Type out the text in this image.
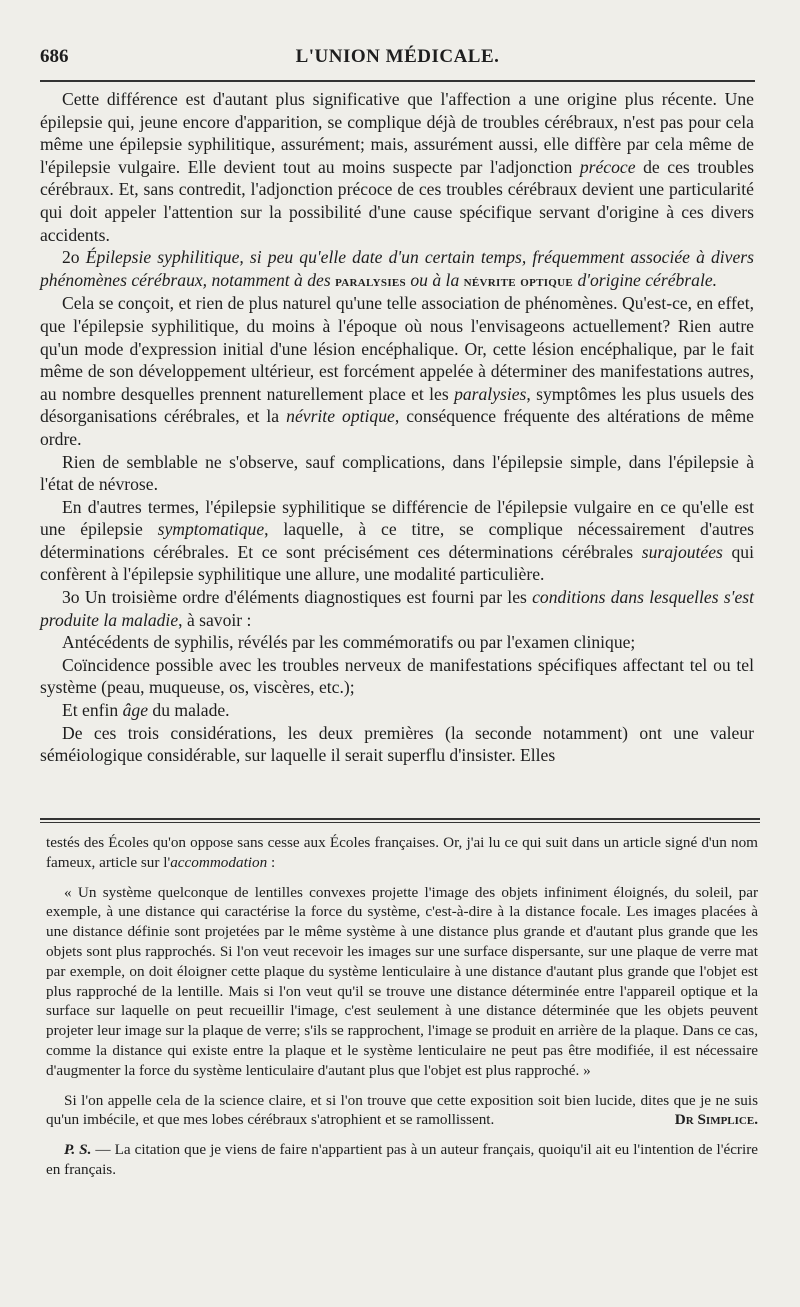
686	L'UNION MÉDICALE.

Cette différence est d'autant plus significative que l'affection a une origine plus récente. Une épilepsie qui, jeune encore d'apparition, se complique déjà de troubles cérébraux, n'est pas pour cela même une épilepsie syphilitique, assurément; mais, assurément aussi, elle diffère par cela même de l'épilepsie vulgaire. Elle devient tout au moins suspecte par l'adjonction précoce de ces troubles cérébraux. Et, sans contredit, l'adjonction précoce de ces troubles cérébraux devient une particularité qui doit appeler l'attention sur la possibilité d'une cause spécifique servant d'origine à ces divers accidents.

2o Épilepsie syphilitique, si peu qu'elle date d'un certain temps, fréquemment associée à divers phénomènes cérébraux, notamment à des paralysies ou à la névrite optique d'origine cérébrale.

Cela se conçoit, et rien de plus naturel qu'une telle association de phénomènes. Qu'est-ce, en effet, que l'épilepsie syphilitique, du moins à l'époque où nous l'envisageons actuellement? Rien autre qu'un mode d'expression initial d'une lésion encéphalique. Or, cette lésion encéphalique, par le fait même de son développement ultérieur, est forcément appelée à déterminer des manifestations autres, au nombre desquelles prennent naturellement place et les paralysies, symptômes les plus usuels des désorganisations cérébrales, et la névrite optique, conséquence fréquente des altérations de même ordre.

Rien de semblable ne s'observe, sauf complications, dans l'épilepsie simple, dans l'épilepsie à l'état de névrose.

En d'autres termes, l'épilepsie syphilitique se différencie de l'épilepsie vulgaire en ce qu'elle est une épilepsie symptomatique, laquelle, à ce titre, se complique nécessairement d'autres déterminations cérébrales. Et ce sont précisément ces déterminations cérébrales surajoutées qui confèrent à l'épilepsie syphilitique une allure, une modalité particulière.

3o Un troisième ordre d'éléments diagnostiques est fourni par les conditions dans lesquelles s'est produite la maladie, à savoir :

Antécédents de syphilis, révélés par les commémoratifs ou par l'examen clinique;

Coïncidence possible avec les troubles nerveux de manifestations spécifiques affectant tel ou tel système (peau, muqueuse, os, viscères, etc.);

Et enfin âge du malade.

De ces trois considérations, les deux premières (la seconde notamment) ont une valeur séméiologique considérable, sur laquelle il serait superflu d'insister. Elles

testés des Écoles qu'on oppose sans cesse aux Écoles françaises. Or, j'ai lu ce qui suit dans un article signé d'un nom fameux, article sur l'accommodation :

« Un système quelconque de lentilles convexes projette l'image des objets infiniment éloignés, du soleil, par exemple, à une distance qui caractérise la force du système, c'est-à-dire à la distance focale. Les images placées à une distance définie sont projetées par le même système à une distance plus grande et d'autant plus grande que les objets sont plus rapprochés. Si l'on veut recevoir les images sur une surface dispersante, sur une plaque de verre mat par exemple, on doit éloigner cette plaque du système lenticulaire à une distance d'autant plus grande que l'objet est plus rapproché de la lentille. Mais si l'on veut qu'il se trouve une distance déterminée entre l'appareil optique et la surface sur laquelle on peut recueillir l'image, c'est seulement à une distance déterminée que les objets peuvent projeter leur image sur la plaque de verre; s'ils se rapprochent, l'image se produit en arrière de la plaque. Dans ce cas, comme la distance qui existe entre la plaque et le système lenticulaire ne peut pas être modifiée, il est nécessaire d'augmenter la force du système lenticulaire d'autant plus que l'objet est plus rapproché. »

Si l'on appelle cela de la science claire, et si l'on trouve que cette exposition soit bien lucide, dites que je ne suis qu'un imbécile, et que mes lobes cérébraux s'atrophient et se ramollissent.	Dr Simplice.

P. S. — La citation que je viens de faire n'appartient pas à un auteur français, quoiqu'il ait eu l'intention de l'écrire en français.
